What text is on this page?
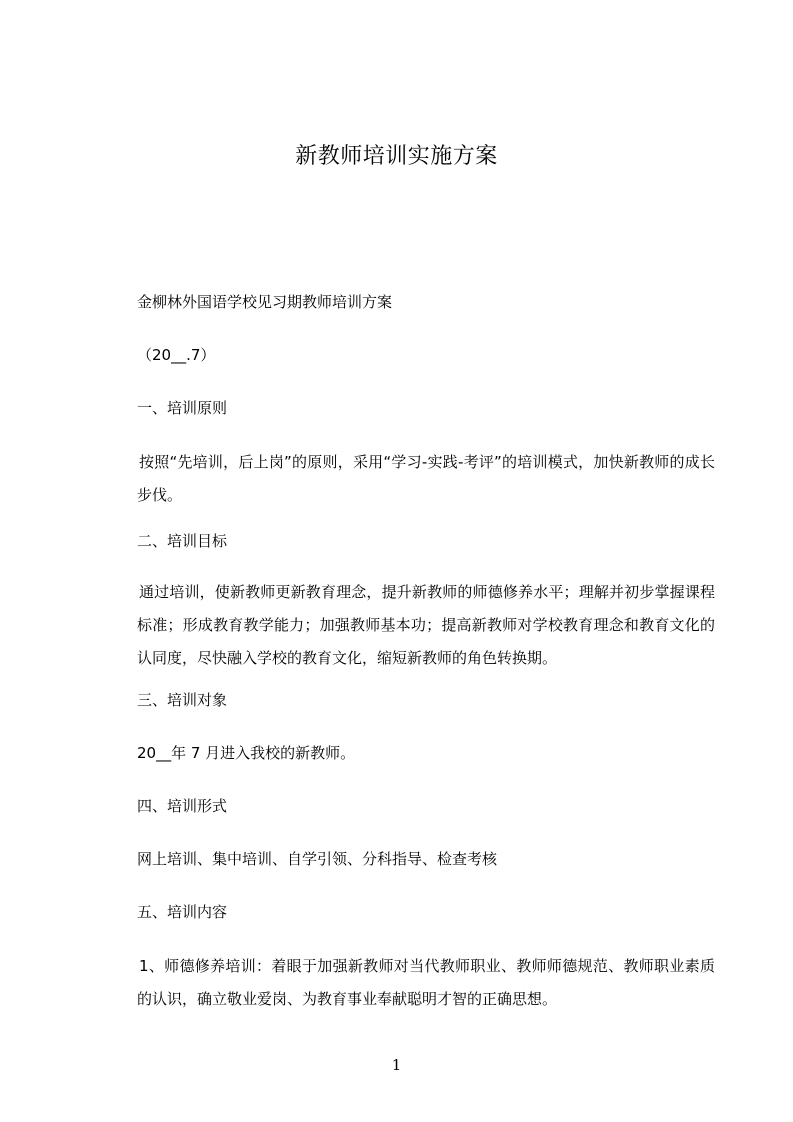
新教师培训实施方案
金柳林外国语学校见习期教师培训方案
（20__.7）
一、培训原则
按照“先培训，后上岗”的原则，采用“学习-实践-考评”的培训模式，加快新教师的成长步伐。
二、培训目标
通过培训，使新教师更新教育理念，提升新教师的师德修养水平；理解并初步掌握课程标准；形成教育教学能力；加强教师基本功；提高新教师对学校教育理念和教育文化的认同度，尽快融入学校的教育文化，缩短新教师的角色转换期。
三、培训对象
20__年 7 月进入我校的新教师。
四、培训形式
网上培训、集中培训、自学引领、分科指导、检查考核
五、培训内容
1、师德修养培训：着眼于加强新教师对当代教师职业、教师师德规范、教师职业素质的认识，确立敬业爱岗、为教育事业奉献聪明才智的正确思想。
1
